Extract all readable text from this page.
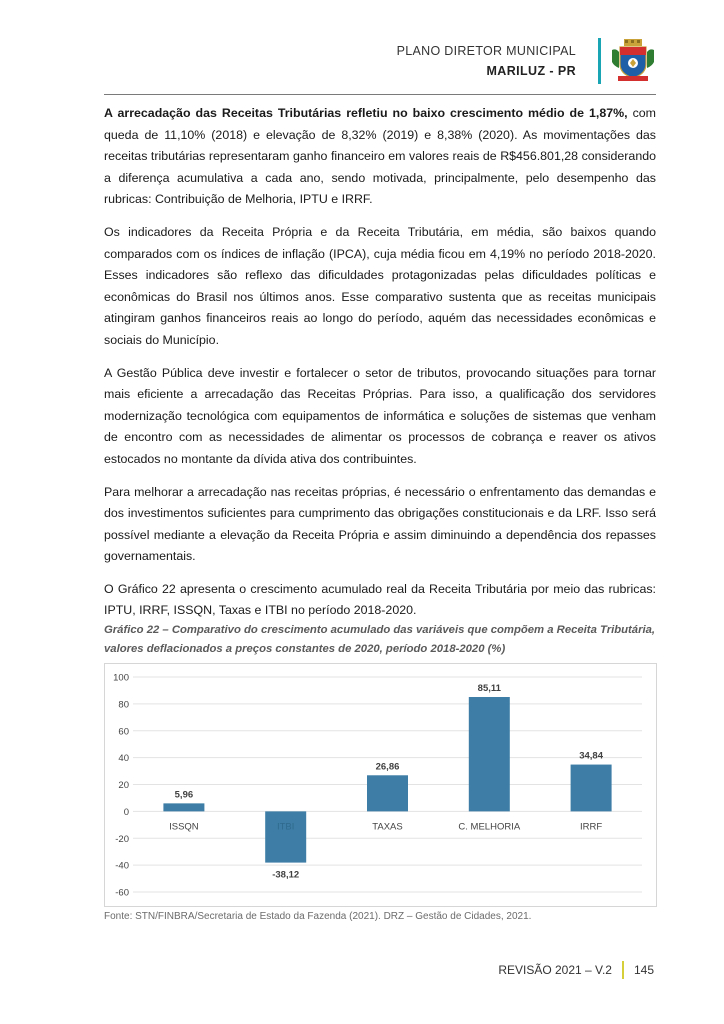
PLANO DIRETOR MUNICIPAL
MARILUZ - PR

A arrecadação das Receitas Tributárias refletiu no baixo crescimento médio de 1,87%, com queda de 11,10% (2018) e elevação de 8,32% (2019) e 8,38% (2020). As movimentações das receitas tributárias representaram ganho financeiro em valores reais de R$456.801,28 considerando a diferença acumulativa a cada ano, sendo motivada, principalmente, pelo desempenho das rubricas: Contribuição de Melhoria, IPTU e IRRF.

Os indicadores da Receita Própria e da Receita Tributária, em média, são baixos quando comparados com os índices de inflação (IPCA), cuja média ficou em 4,19% no período 2018-2020. Esses indicadores são reflexo das dificuldades protagonizadas pelas dificuldades políticas e econômicas do Brasil nos últimos anos. Esse comparativo sustenta que as receitas municipais atingiram ganhos financeiros reais ao longo do período, aquém das necessidades econômicas e sociais do Município.

A Gestão Pública deve investir e fortalecer o setor de tributos, provocando situações para tornar mais eficiente a arrecadação das Receitas Próprias. Para isso, a qualificação dos servidores modernização tecnológica com equipamentos de informática e soluções de sistemas que venham de encontro com as necessidades de alimentar os processos de cobrança e reaver os ativos estocados no montante da dívida ativa dos contribuintes.

Para melhorar a arrecadação nas receitas próprias, é necessário o enfrentamento das demandas e dos investimentos suficientes para cumprimento das obrigações constitucionais e da LRF. Isso será possível mediante a elevação da Receita Própria e assim diminuindo a dependência dos repasses governamentais.

O Gráfico 22 apresenta o crescimento acumulado real da Receita Tributária por meio das rubricas: IPTU, IRRF, ISSQN, Taxas e ITBI no período 2018-2020.

Gráfico 22 – Comparativo do crescimento acumulado das variáveis que compõem a Receita Tributária, valores deflacionados a preços constantes de 2020, período 2018-2020 (%)
100
80
60
40
20
0
-20
-40
-60
5,96
ISSQN
-38,12
ITBI
26,86
TAXAS
85,11
C. MELHORIA
34,84
IRRF
Fonte: STN/FINBRA/Secretaria de Estado da Fazenda (2021). DRZ – Gestão de Cidades, 2021.
REVISÃO 2021 – V.2 145
